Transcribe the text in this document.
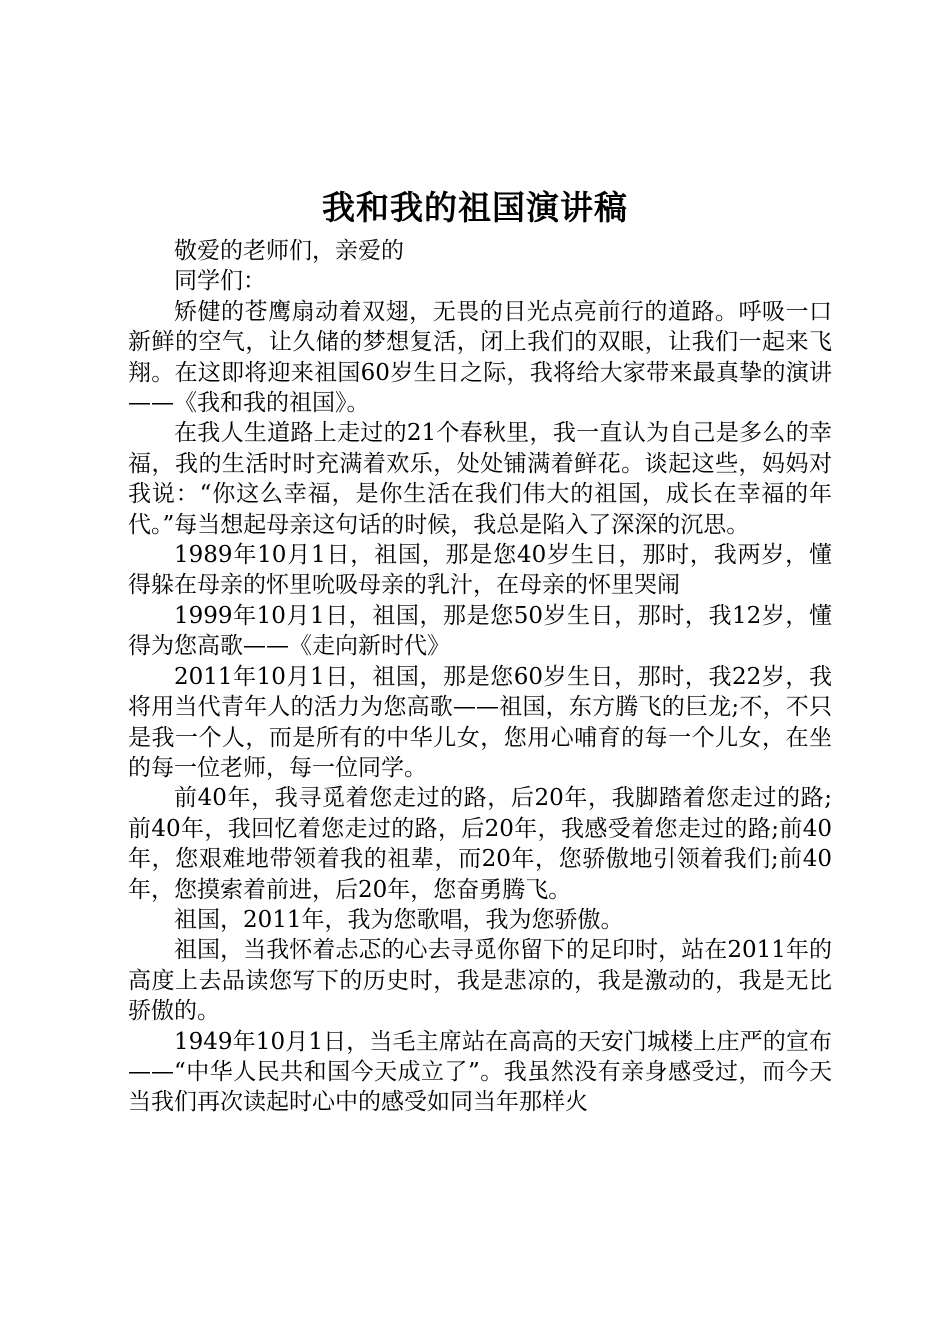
我和我的祖国演讲稿

敬爱的老师们，亲爱的

同学们：

矫健的苍鹰扇动着双翅，无畏的目光点亮前行的道路。呼吸一口新鲜的空气，让久储的梦想复活，闭上我们的双眼，让我们一起来飞翔。在这即将迎来祖国60岁生日之际，我将给大家带来最真挚的演讲——《我和我的祖国》。

在我人生道路上走过的21个春秋里，我一直认为自己是多么的幸福，我的生活时时充满着欢乐，处处铺满着鲜花。谈起这些，妈妈对我说：“你这么幸福，是你生活在我们伟大的祖国，成长在幸福的年代。”每当想起母亲这句话的时候，我总是陷入了深深的沉思。

1989年10月1日，祖国，那是您40岁生日，那时，我两岁，懂得躲在母亲的怀里吮吸母亲的乳汁，在母亲的怀里哭闹

1999年10月1日，祖国，那是您50岁生日，那时，我12岁，懂得为您高歌——《走向新时代》

2011年10月1日，祖国，那是您60岁生日，那时，我22岁，我将用当代青年人的活力为您高歌——祖国，东方腾飞的巨龙;不，不只是我一个人，而是所有的中华儿女，您用心哺育的每一个儿女，在坐的每一位老师，每一位同学。

前40年，我寻觅着您走过的路，后20年，我脚踏着您走过的路;前40年，我回忆着您走过的路，后20年，我感受着您走过的路;前40年，您艰难地带领着我的祖辈，而20年，您骄傲地引领着我们;前40年，您摸索着前进，后20年，您奋勇腾飞。

祖国，2011年，我为您歌唱，我为您骄傲。

祖国，当我怀着忐忑的心去寻觅你留下的足印时，站在2011年的高度上去品读您写下的历史时，我是悲凉的，我是激动的，我是无比骄傲的。

1949年10月1日，当毛主席站在高高的天安门城楼上庄严的宣布——“中华人民共和国今天成立了”。我虽然没有亲身感受过，而今天当我们再次读起时心中的感受如同当年那样火
